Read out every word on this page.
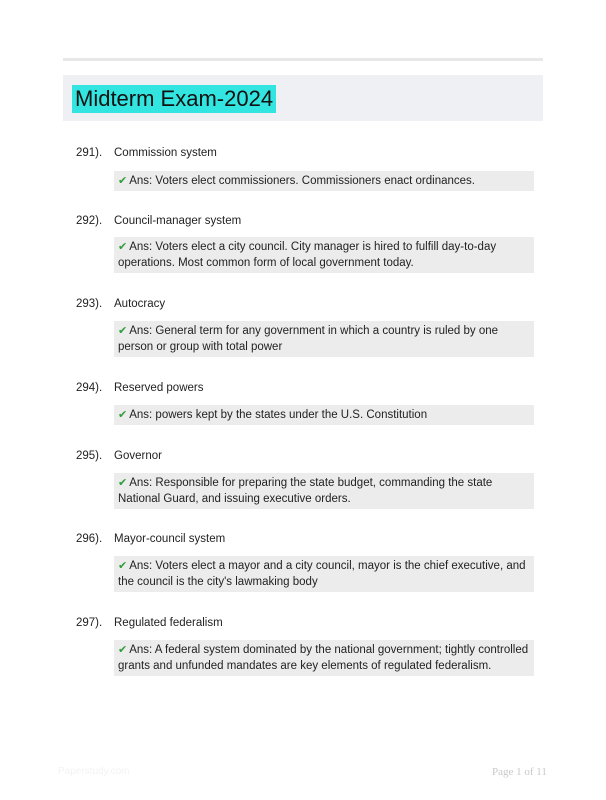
Midterm Exam-2024
291). Commission system
✔ Ans: Voters elect commissioners. Commissioners enact ordinances.
292). Council-manager system
✔ Ans: Voters elect a city council. City manager is hired to fulfill day-to-day operations. Most common form of local government today.
293). Autocracy
✔ Ans: General term for any government in which a country is ruled by one person or group with total power
294). Reserved powers
✔ Ans: powers kept by the states under the U.S. Constitution
295). Governor
✔ Ans: Responsible for preparing the state budget, commanding the state National Guard, and issuing executive orders.
296). Mayor-council system
✔ Ans: Voters elect a mayor and a city council, mayor is the chief executive, and the council is the city's lawmaking body
297). Regulated federalism
✔ Ans: A federal system dominated by the national government; tightly controlled grants and unfunded mandates are key elements of regulated federalism.
Paperstudy.com	Page 1 of 11
